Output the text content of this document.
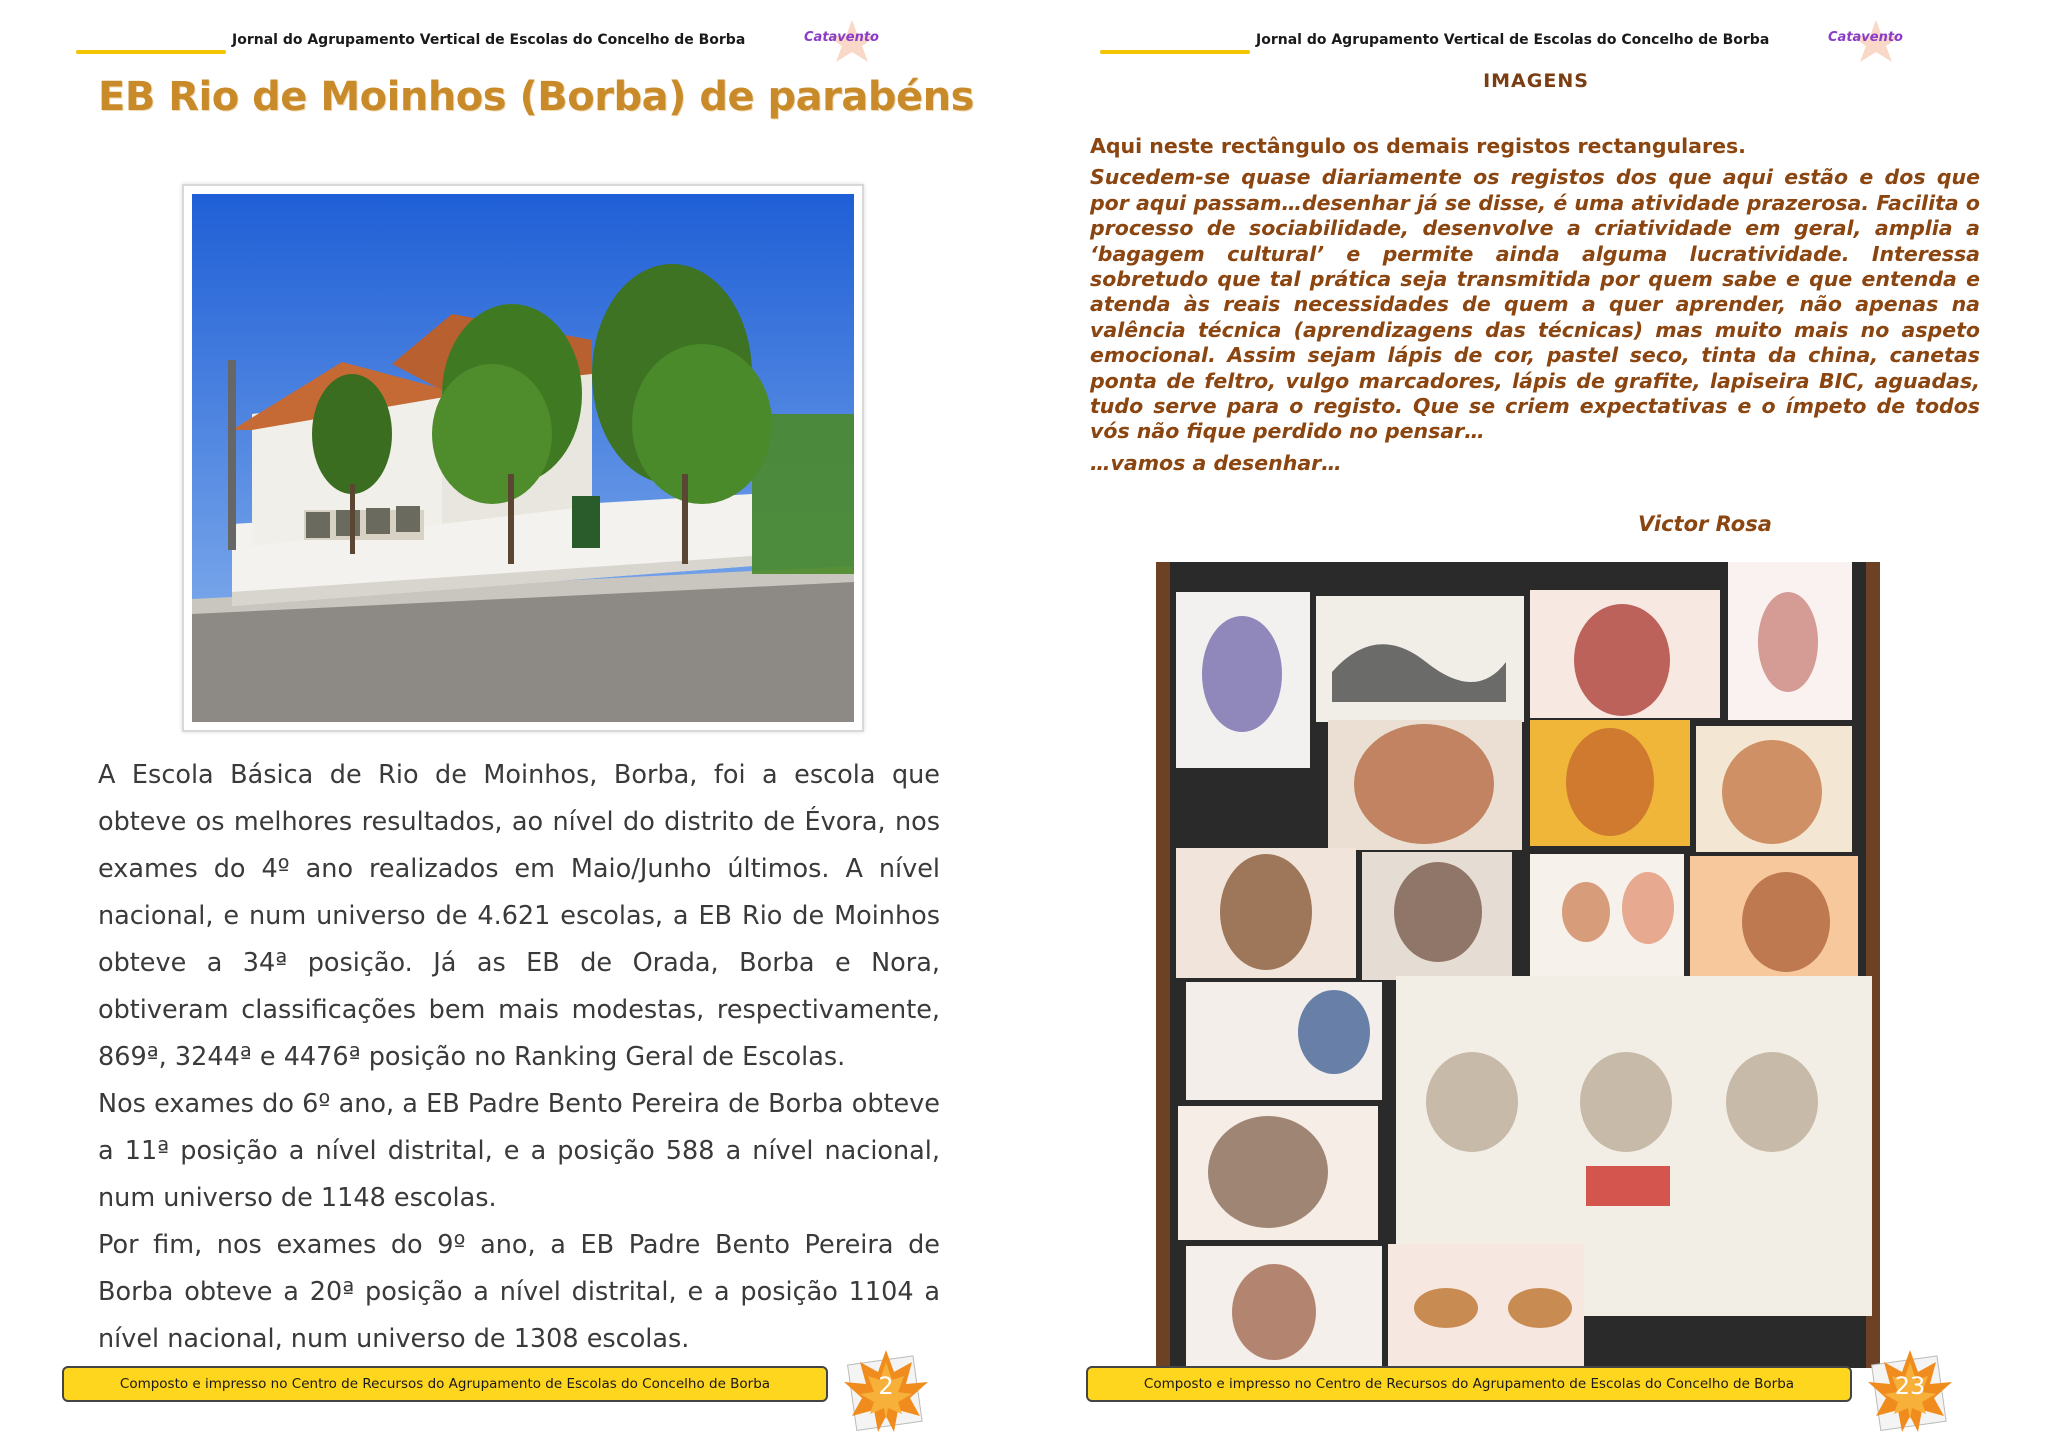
Jornal do Agrupamento Vertical de Escolas do Concelho de Borba	Catavento
EB Rio de Moinhos (Borba) de parabéns

A Escola Básica de Rio de Moinhos, Borba, foi a escola que obteve os melhores resultados, ao nível do distrito de Évora, nos exames do 4º ano realizados em Maio/Junho últimos. A nível nacional, e num universo de 4.621 escolas, a EB Rio de Moinhos obteve a 34ª posição. Já as EB de Orada, Borba e Nora, obtiveram classificações bem mais modestas, respectivamente, 869ª, 3244ª e 4476ª posição no Ranking Geral de Escolas.

Nos exames do 6º ano, a EB Padre Bento Pereira de Borba obteve a 11ª posição a nível distrital, e a posição 588 a nível nacional, num universo de 1148 escolas.

Por fim, nos exames do 9º ano, a EB Padre Bento Pereira de Borba obteve a 20ª posição a nível distrital, e a posição 1104 a nível nacional, num universo de 1308 escolas.

Composto e impresso no Centro de Recursos do Agrupamento de Escolas do Concelho de Borba	2
Jornal do Agrupamento Vertical de Escolas do Concelho de Borba	Catavento
IMAGENS

Aqui neste rectângulo os demais registos rectangulares.

Sucedem-se quase diariamente os registos dos que aqui estão e dos que por aqui passam…desenhar já se disse, é uma atividade prazerosa. Facilita o processo de sociabilidade, desenvolve a criatividade em geral, amplia a ‘bagagem cultural’ e permite ainda alguma lucratividade. Interessa sobretudo que tal prática seja transmitida por quem sabe e que entenda e atenda às reais necessidades de quem a quer aprender, não apenas na valência técnica (aprendizagens das técnicas) mas muito mais no aspeto emocional. Assim sejam lápis de cor, pastel seco, tinta da china, canetas ponta de feltro, vulgo marcadores, lápis de grafite, lapiseira BIC, aguadas, tudo serve para o registo. Que se criem expectativas e o ímpeto de todos vós não fique perdido no pensar…

…vamos a desenhar…

Victor Rosa
Composto e impresso no Centro de Recursos do Agrupamento de Escolas do Concelho de Borba	23
